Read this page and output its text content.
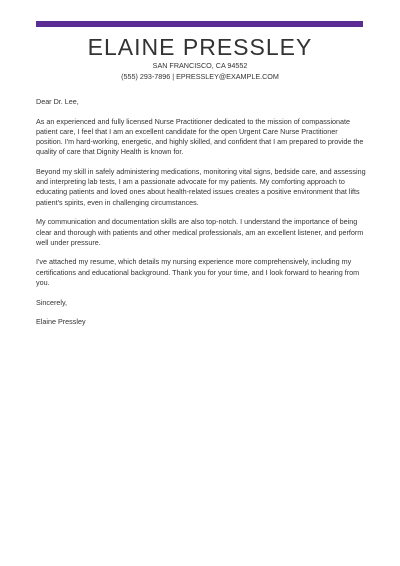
ELAINE PRESSLEY
SAN FRANCISCO, CA 94552
(555) 293-7896 | EPRESSLEY@EXAMPLE.COM

Dear Dr. Lee,

As an experienced and fully licensed Nurse Practitioner dedicated to the mission of compassionate patient care, I feel that I am an excellent candidate for the open Urgent Care Nurse Practitioner position. I'm hard-working, energetic, and highly skilled, and confident that I am prepared to provide the quality of care that Dignity Health is known for.

Beyond my skill in safely administering medications, monitoring vital signs, bedside care, and assessing and interpreting lab tests, I am a passionate advocate for my patients. My comforting approach to educating patients and loved ones about health-related issues creates a positive environment that lifts patient's spirits, even in challenging circumstances.

My communication and documentation skills are also top-notch. I understand the importance of being clear and thorough with patients and other medical professionals, am an excellent listener, and perform well under pressure.

I've attached my resume, which details my nursing experience more comprehensively, including my certifications and educational background. Thank you for your time, and I look forward to hearing from you.

Sincerely,

Elaine Pressley
